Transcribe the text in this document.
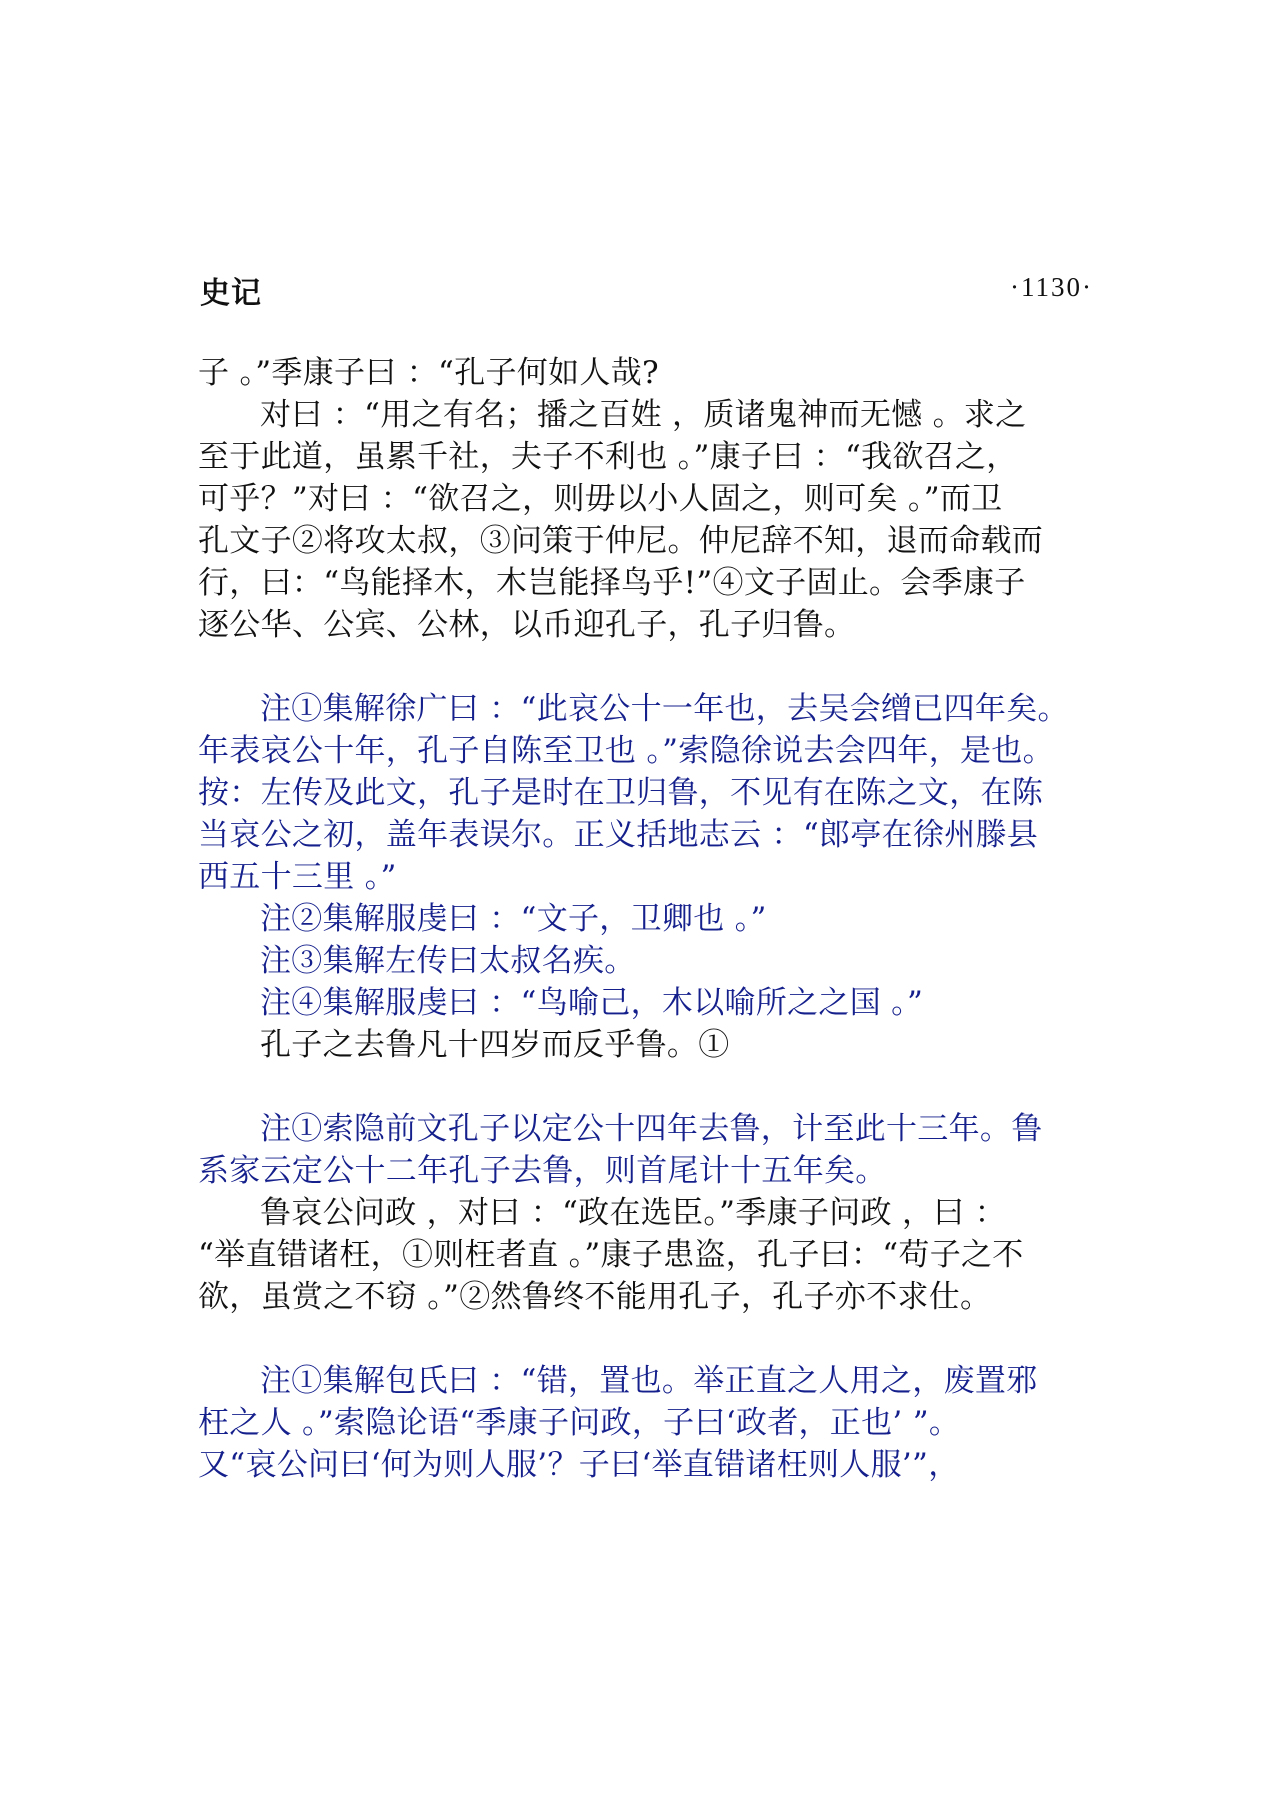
史记	·1130·
子 。”季康子曰 ：“孔子何如人哉?
对曰 ：“用之有名；播之百姓 ，质诸鬼神而无憾 。求之
至于此道，虽累千社，夫子不利也 。”康子曰 ：“我欲召之，
可乎？”对曰 ：“欲召之，则毋以小人固之，则可矣 。”而卫
孔文子②将攻太叔，③问策于仲尼。仲尼辞不知，退而命载而
行，曰：“鸟能择木，木岂能择鸟乎!”④文子固止。会季康子
逐公华、公宾、公林，以币迎孔子，孔子归鲁。
注①集解徐广曰 ：“此哀公十一年也，去吴会缯已四年矣。
年表哀公十年，孔子自陈至卫也 。”索隐徐说去会四年，是也。
按：左传及此文，孔子是时在卫归鲁，不见有在陈之文，在陈
当哀公之初，盖年表误尔。正义括地志云 ：“郎亭在徐州滕县
西五十三里 。”
注②集解服虔曰 ：“文子，卫卿也 。”
注③集解左传曰太叔名疾。
注④集解服虔曰 ：“鸟喻己，木以喻所之之国 。”
孔子之去鲁凡十四岁而反乎鲁。①
注①索隐前文孔子以定公十四年去鲁，计至此十三年。鲁
系家云定公十二年孔子去鲁，则首尾计十五年矣。
鲁哀公问政 ，对曰 ：“政在选臣。”季康子问政 ，曰 ：
“举直错诸枉，①则枉者直 。”康子患盗，孔子曰：“苟子之不
欲，虽赏之不窃 。”②然鲁终不能用孔子，孔子亦不求仕。
注①集解包氏曰 ：“错，置也。举正直之人用之，废置邪
枉之人 。”索隐论语“季康子问政，子曰‘政者，正也’ ”。
又“哀公问曰‘何为则人服’？子曰‘举直错诸枉则人服’”，
